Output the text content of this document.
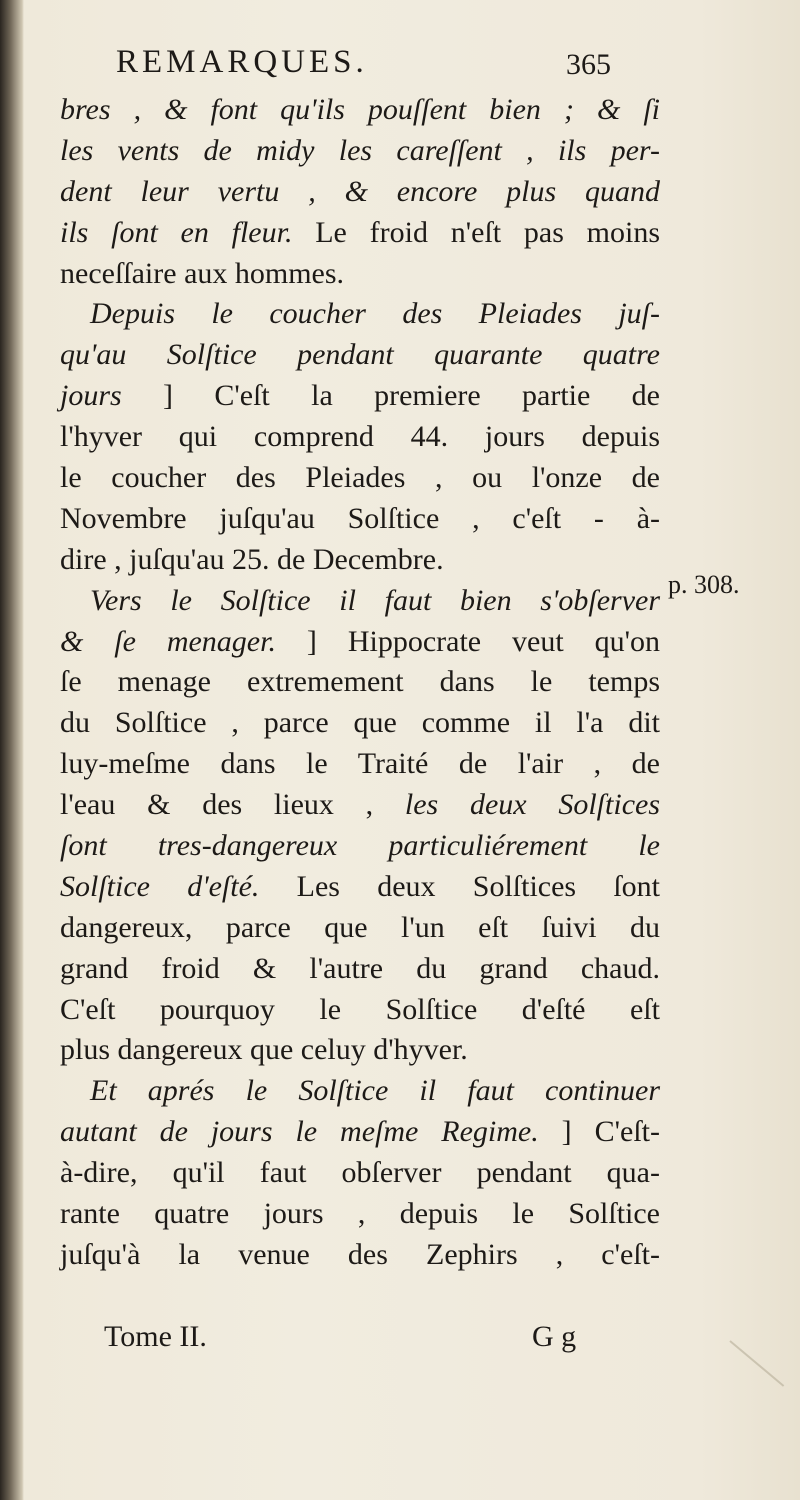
REMARQUES.	365
bres , & font qu'ils pouſſent bien ; & ſi
les vents de midy les careſſent , ils per-
dent leur vertu , & encore plus quand
ils ſont en fleur. Le froid n'eſt pas moins
neceſſaire aux hommes.
Depuis le coucher des Pleiades juſ-
qu'au Solſtice pendant quarante quatre
jours ] C'eſt la premiere partie de
l'hyver qui comprend 44. jours depuis
le coucher des Pleiades , ou l'onze de
Novembre juſqu'au Solſtice , c'eſt - à-
dire , juſqu'au 25. de Decembre.
Vers le Solſtice il faut bien s'obſerver
& ſe menager. ] Hippocrate veut qu'on
ſe menage extremement dans le temps
du Solſtice , parce que comme il l'a dit
luy-meſme dans le Traité de l'air , de
l'eau & des lieux , les deux Solſtices
ſont tres-dangereux particuliérement le
Solſtice d'eſté. Les deux Solſtices ſont
dangereux, parce que l'un eſt ſuivi du
grand froid & l'autre du grand chaud.
C'eſt pourquoy le Solſtice d'eſté eſt
plus dangereux que celuy d'hyver.
Et aprés le Solſtice il faut continuer
autant de jours le meſme Regime. ] C'eſt-
à-dire, qu'il faut obſerver pendant qua-
rante quatre jours , depuis le Solſtice
juſqu'à la venue des Zephirs , c'eſt-
p. 308.
Tome II.	G g
